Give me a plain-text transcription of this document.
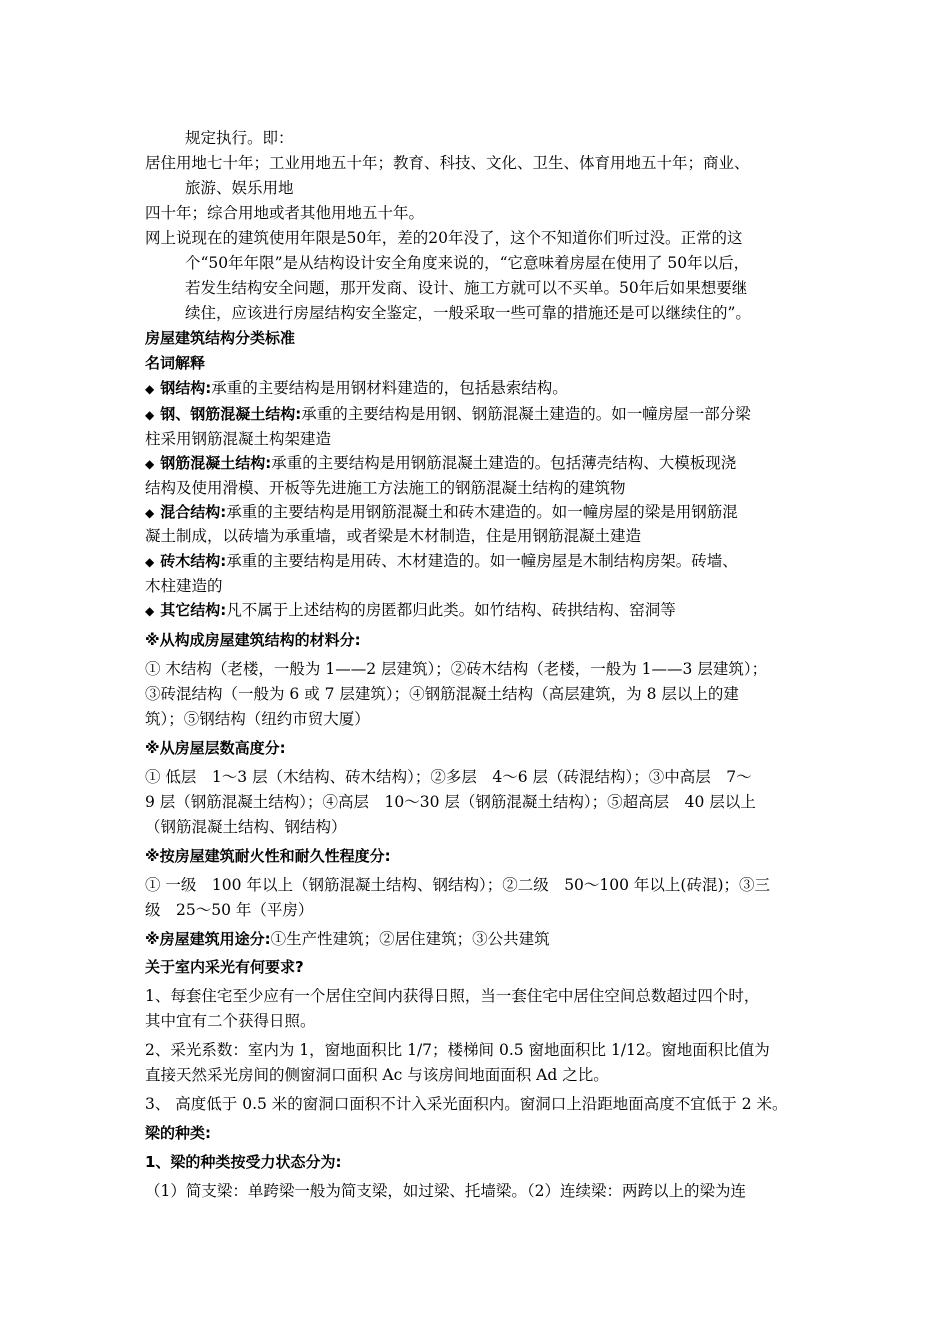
规定执行。即：
居住用地七十年；工业用地五十年；教育、科技、文化、卫生、体育用地五十年；商业、
旅游、娱乐用地
四十年；综合用地或者其他用地五十年。
网上说现在的建筑使用年限是50年，差的20年没了，这个不知道你们听过没。正常的这
个“50年年限”是从结构设计安全角度来说的，“它意味着房屋在使用了 50年以后，
若发生结构安全问题，那开发商、设计、施工方就可以不买单。50年后如果想要继
续住，应该进行房屋结构安全鉴定，一般采取一些可靠的措施还是可以继续住的”。
房屋建筑结构分类标准
名词解释
◆ 钢结构:承重的主要结构是用钢材料建造的，包括悬索结构。
◆ 钢、钢筋混凝土结构:承重的主要结构是用钢、钢筋混凝土建造的。如一幢房屋一部分梁
柱采用钢筋混凝土构架建造
◆ 钢筋混凝土结构:承重的主要结构是用钢筋混凝土建造的。包括薄壳结构、大模板现浇
结构及使用滑模、开板等先进施工方法施工的钢筋混凝土结构的建筑物
◆ 混合结构:承重的主要结构是用钢筋混凝土和砖木建造的。如一幢房屋的梁是用钢筋混
凝土制成，以砖墙为承重墙，或者梁是木材制造，住是用钢筋混凝土建造
◆ 砖木结构:承重的主要结构是用砖、木材建造的。如一幢房屋是木制结构房架。砖墙、
木柱建造的
◆ 其它结构:凡不属于上述结构的房匿都归此类。如竹结构、砖拱结构、窑洞等
※从构成房屋建筑结构的材料分:
① 木结构（老楼，一般为 1——2 层建筑）；②砖木结构（老楼，一般为 1——3 层建筑）；
③砖混结构（一般为 6 或 7 层建筑）；④钢筋混凝土结构（高层建筑，为 8 层以上的建
筑）；⑤钢结构（纽约市贸大厦）
※从房屋层数高度分:
① 低层　1～3 层（木结构、砖木结构）；②多层　4～6 层（砖混结构）；③中高层　7～
9 层（钢筋混凝土结构）；④高层　10～30 层（钢筋混凝土结构）；⑤超高层　40 层以上
（钢筋混凝土结构、钢结构）
※按房屋建筑耐火性和耐久性程度分:
① 一级　100 年以上（钢筋混凝土结构、钢结构）；②二级　50～100 年以上(砖混)；③三
级　25～50 年（平房）
※房屋建筑用途分:①生产性建筑；②居住建筑；③公共建筑
关于室内采光有何要求?
1、每套住宅至少应有一个居住空间内获得日照，当一套住宅中居住空间总数超过四个时，
其中宜有二个获得日照。
2、采光系数：室内为 1，窗地面积比 1/7；楼梯间 0.5 窗地面积比 1/12。窗地面积比值为
直接天然采光房间的侧窗洞口面积 Ac 与该房间地面面积 Ad 之比。
3、 高度低于 0.5 米的窗洞口面积不计入采光面积内。窗洞口上沿距地面高度不宜低于 2 米。
梁的种类:
1、梁的种类按受力状态分为:
（1）简支梁：单跨梁一般为简支梁，如过梁、托墙梁。（2）连续梁：两跨以上的梁为连
